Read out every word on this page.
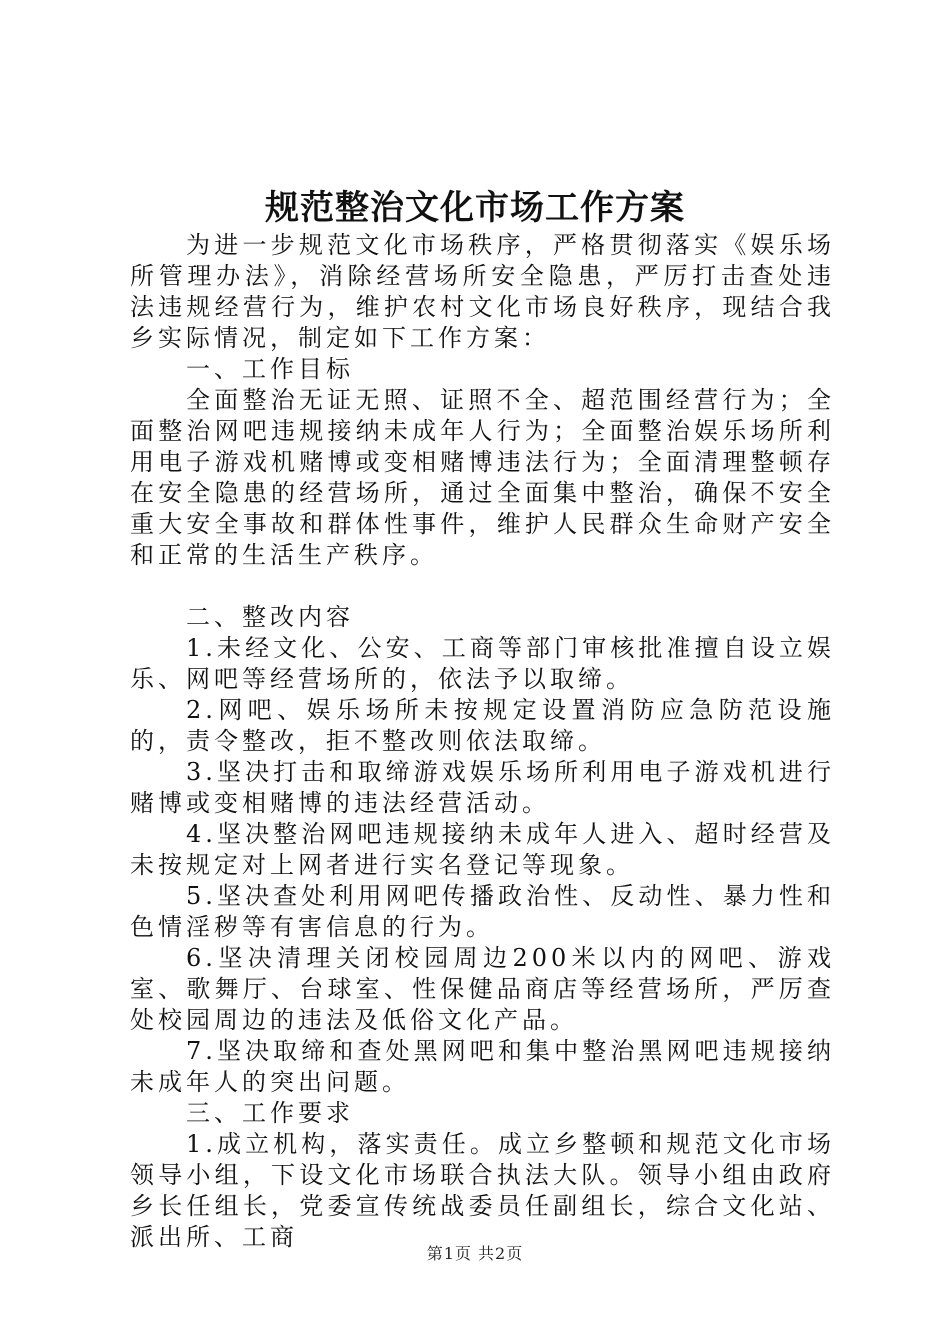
规范整治文化市场工作方案

为进一步规范文化市场秩序，严格贯彻落实《娱乐场所管理办法》，消除经营场所安全隐患，严厉打击查处违法违规经营行为，维护农村文化市场良好秩序，现结合我乡实际情况，制定如下工作方案：

一、工作目标

全面整治无证无照、证照不全、超范围经营行为；全面整治网吧违规接纳未成年人行为；全面整治娱乐场所利用电子游戏机赌博或变相赌博违法行为；全面清理整顿存在安全隐患的经营场所，通过全面集中整治，确保不安全重大安全事故和群体性事件，维护人民群众生命财产安全和正常的生活生产秩序。

二、整改内容

1.未经文化、公安、工商等部门审核批准擅自设立娱乐、网吧等经营场所的，依法予以取缔。

2.网吧、娱乐场所未按规定设置消防应急防范设施的，责令整改，拒不整改则依法取缔。

3.坚决打击和取缔游戏娱乐场所利用电子游戏机进行赌博或变相赌博的违法经营活动。

4.坚决整治网吧违规接纳未成年人进入、超时经营及未按规定对上网者进行实名登记等现象。

5.坚决查处利用网吧传播政治性、反动性、暴力性和色情淫秽等有害信息的行为。

6.坚决清理关闭校园周边200米以内的网吧、游戏室、歌舞厅、台球室、性保健品商店等经营场所，严厉查处校园周边的违法及低俗文化产品。

7.坚决取缔和查处黑网吧和集中整治黑网吧违规接纳未成年人的突出问题。

三、工作要求

1.成立机构，落实责任。成立乡整顿和规范文化市场领导小组，下设文化市场联合执法大队。领导小组由政府乡长任组长，党委宣传统战委员任副组长，综合文化站、派出所、工商

第1页 共2页
